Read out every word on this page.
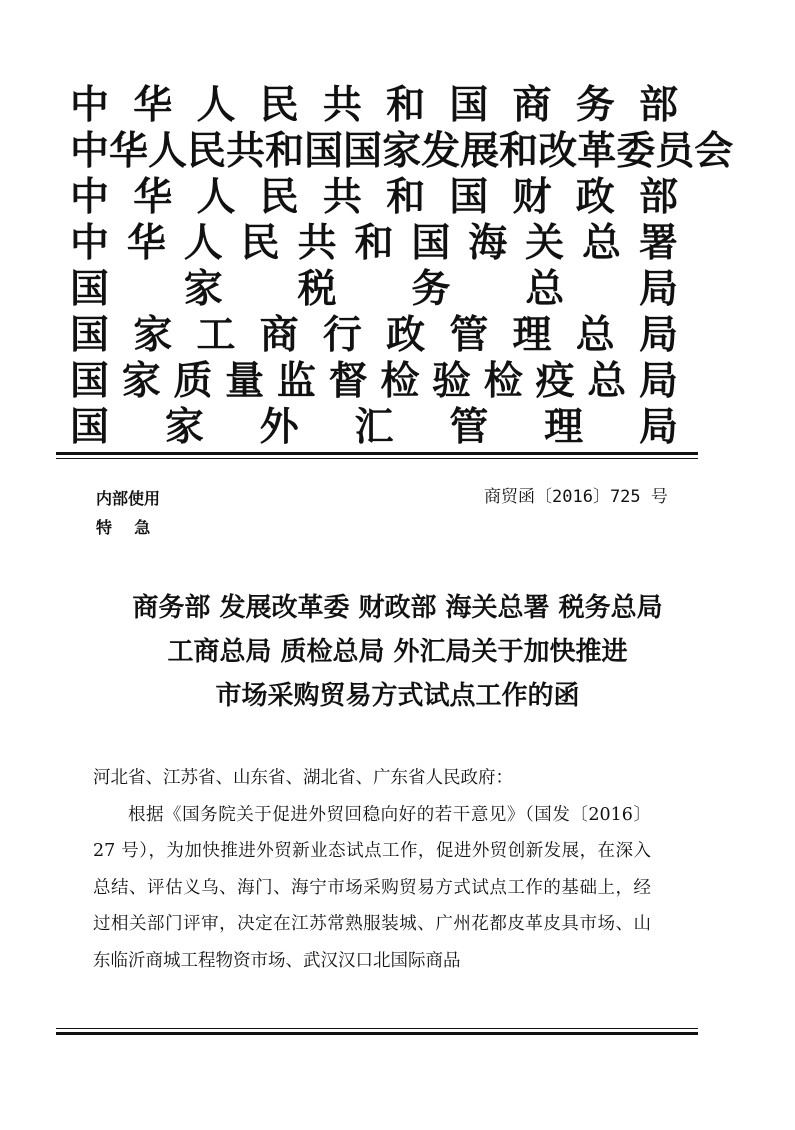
中 华 人 民 共 和 国 商 务 部
中 华 人 民 共 和 国 国 家 发 展 和 改 革 委 员 会
中 华 人 民 共 和 国 财 政 部
中 华 人 民 共 和 国 海 关 总 署
国 家 税 务 总 局
国 家 工 商 行 政 管 理 总 局
国 家 质 量 监 督 检 验 检 疫 总 局
国 家 外 汇 管 理 局
内部使用
特    急
商贸函〔2016〕725 号
商务部 发展改革委 财政部 海关总署 税务总局
工商总局 质检总局 外汇局关于加快推进
市场采购贸易方式试点工作的函

河北省、江苏省、山东省、湖北省、广东省人民政府：

根据《国务院关于促进外贸回稳向好的若干意见》（国发〔2016〕27 号），为加快推进外贸新业态试点工作，促进外贸创新发展，在深入总结、评估义乌、海门、海宁市场采购贸易方式试点工作的基础上，经过相关部门评审，决定在江苏常熟服装城、广州花都皮革皮具市场、山东临沂商城工程物资市场、武汉汉口北国际商品
